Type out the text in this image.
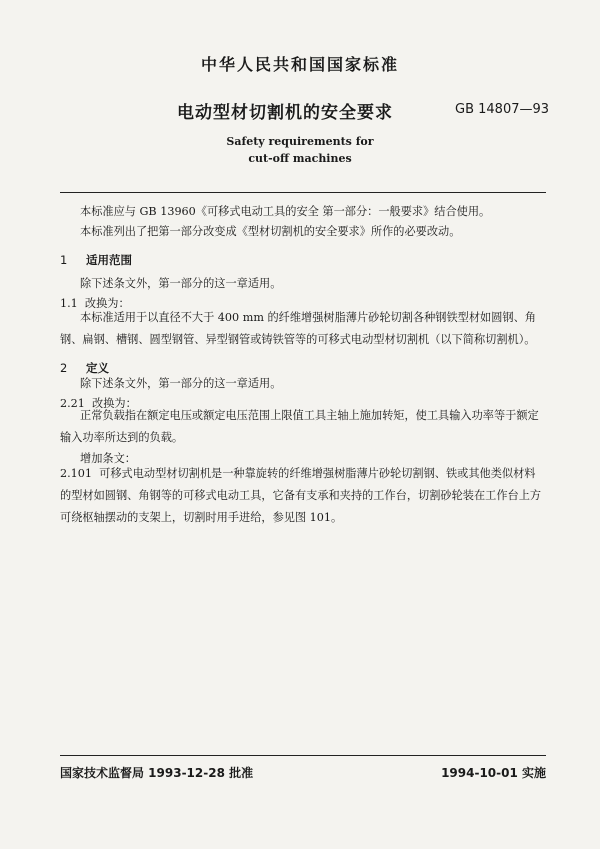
中华人民共和国国家标准
电动型材切割机的安全要求	GB 14807—93
Safety requirements for
cut-off machines
本标准应与 GB 13960《可移式电动工具的安全 第一部分：一般要求》结合使用。
本标准列出了把第一部分改变成《型材切割机的安全要求》所作的必要改动。
1 适用范围
除下述条文外，第一部分的这一章适用。
1.1 改换为：
本标准适用于以直径不大于 400 mm 的纤维增强树脂薄片砂轮切割各种钢铁型材如圆钢、角钢、扁钢、槽钢、圆型钢管、异型钢管或铸铁管等的可移式电动型材切割机（以下简称切割机）。
2 定义
除下述条文外，第一部分的这一章适用。
2.21 改换为：
正常负载指在额定电压或额定电压范围上限值工具主轴上施加转矩，使工具输入功率等于额定输入功率所达到的负载。
增加条文：
2.101 可移式电动型材切割机是一种靠旋转的纤维增强树脂薄片砂轮切割钢、铁或其他类似材料的型材如圆钢、角钢等的可移式电动工具，它备有支承和夹持的工作台，切割砂轮装在工作台上方可绕枢轴摆动的支架上，切割时用手进给，参见图 101。
国家技术监督局 1993-12-28 批准	1994-10-01 实施
